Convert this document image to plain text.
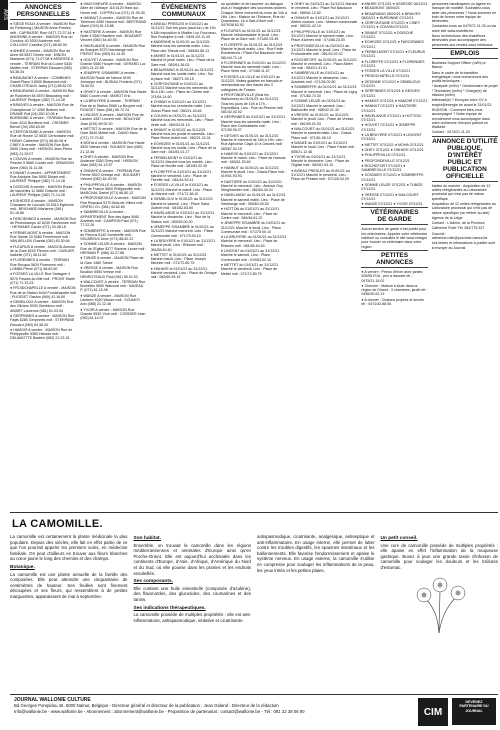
AVIS
ANNONCES
PERSONNELLES
● SIEGE ROUX A vendre : MAISON Rue du Fieliceung | MAISON Anne-Fresles refit - CAPRASSE Rom 0477-72.37.44 ● ANDENNE A vendre - MAISON Rue du Condroz 40 5300 Andenne mdl : COLLIGNY Caroline (071) 68.80.94
● ANHEE A vendre - MAISON Rue de Anne 65 5537 Denée mdl : MINON Marianne (071) 71.07.08 ● ASSESSE A vendre - TERRAIN Rue du Loche 5330 Maillen mdl : STERPAN Edouard (083) 63.38.34
● BEAUMONT A vendre : COMBINES Grand Place 3 6500 Beaumont mdl : CHARLOTEAUX Jacky (071) 58.82.09
● BEAURAING A vendre - MAISON Rue de Rochefort 84 5570 Beauraing mdl : LAURENT Philippe (082) 71.14.28
● BRAIVES A vendre - MAISON Rue de Champlonval 17 4260 Braives mdl : DRAME Roll (04) 250.10.08 ● BURDINNE A vendre - TERRAIN Rue du Gare 4210 Burdinne mdl : CRISMER Benoît (04) 250.63.50
● CERFONTAINE A vendre : MAISON Rue de Rosee 12 5630 Cerfontaine mdl : HOBAY Catherine (071) 66.60.08 ● CINEY A vendre - MAISON Rue Bois 5590 Ciney mdl : HISSIGN Jean-Pierre (083) 21.29.07
● COUVIN A vendre - MAISON Rue de Pesche 5 5660 Couvin mdl : DRANSON Anne (060) 31.11.58
● DINANT A vendre - APPARTEMENT Rue Adolphe Sax 5500 Dinant mdl : LAURENT Philippe (082) 71.14.28
● DOISCHE A vendre - MAISON Route de Vaucelles 11 5680 Doische mdl : LAURENT Philippe (082) 71.14.28
● EGHEZEE A vendre - MAISON Chaussee de Louvain 33 5310 Eghezee mdl : BRICHARD Marianne (081) 51.18.86
● FARCIENNES A vendre - MAISON Rue de Pironchamps 42 6240 Farciennes mdl : HEYMANS Carole (071) 34.08.18
● FERNELMONT A vendre - MAISON Rue Sainte 33 5380 Fernelmont mdl : VAN BELLEN Chantal (081) 83.30.84
● FLEURUS A vendre - MAISON Avenue de la Gare 6220 Fleurus mdl : CARLIER Isabelle (071) 38.11.62
● FLORENNES A vendre - TERRAIN Rue Rocquo 5620 Florennes mdl : LOMBA Pierre (071) 68.82.60
● FOSSES LA VILLE Rue Sartagne 4 5070 Fosses-la-Ville mdl : PRONT Marie (071) 71.13.23
● FROIDCHAPELLE A vendre - MAISON Rue de la Station 6440 Froidchapelle mdl : PLESSET Gaston (060) 41.16.60
● GEMBLOUX A vendre - MAISON Rue des Oliviers 5030 Gembloux mdl : AWART Laurence (081) 61.03.04
● GERPINNES A vendre - MAISON Rue Fayts 6280 Gerpinnes mdl : STERPANE Edouard (083) 63.38.34
● HAMOIS A vendre - MAISON Rue de Philippeville 5360 Hamois mdl : DELAMOTTE Bastien (082) 21.23.15
● HAM S/HEURE A vendre - MAISON Allee de l'Abbaye 116 6120 Ham-sur-Heure mdl : COPPIN Luc (071) 21.09.30
● HANNUT A vendre - MAISON Rue de Tirlemont 4280 Hannut mdl : BERTRAND Marie (019) 51.15.88
● HASTIERE A vendre - MAISON Rue Nulle 4 5540 Hastiere mdl : BOUDART Vincent (082) 64.40.93
● HAVELANGE A vendre - MAISON Rue du Bosquet 5370 Havelange mdl : PIEROT Eric (083) 61.14.40
● HOUYET A vendre - MAISON Rue Grande 5560 Houyet mdl : GERARD Luc (082) 21.22.58
● JEMEPPE S/SAMBRE A vendre - MAISON Route de Namur 5190 Jemeppe mdl : BUSIAU Frederic (071) 78.50.02
● ORVEY A vendre - MAISON Rue Haute 5660 Couvin mdl : MAROT Eric
● LA BRUYERE A vendre - TERRAIN Rue de la Station 5080 La Bruyere mdl : ROUGET Marc (081) 56.72.24
● LINCENT A vendre - MAISON Rue de Landen 4287 Lincent mdl : BOUCHAT Jean (019) 69.92.30
● METTET A vendre - MAISON Rue de la Gare 5640 Mettet mdl : DAVID Marc (071) 72.70.82
● MOHA A vendre - MAISON Rue Haute 4520 Wanze mdl : SOUMOY Ann (085) 21.12.46
● OHEY A vendre - MAISON Rue Andenne 5350 Ohey mdl : HISSIGN Jean (083) 61.13.57
● ONHAYE A vendre - TERRAIN Rue Ferme 5520 Onhaye mdl : BOUDART Vincent (082) 64.40.93
● PHILIPPEVILLE A vendre - MAISON Rue de France 5600 Philippeville mdl : MARCHAL Daniel (071) 66.80.12
● PROFONDEVILLE A vendre - MAISON Rue Reynaud 5170 Bois-de-Villers mdl : GRIFEU Ch. (081) 44.62.80
● SAMBREVILLE A vendre - APPARTEMENT Rue des Ages 5060 Auvelais mdl : CAMPION Paul (071) 77.22.26
● SOMBREFFE A vendre - MAISON Rue de Fleurus 5140 Sombreffe mdl : SOLBREUX Anne (071) 88.82.22
● SOMME LEUZE A vendre - MAISON Rue de l'Eglise 5377 Somme-Leuze mdl : HERMAN P. (086) 32.27.88
● TUBIZE A vendre - MAISON Place de la Gare 1480 Tubize
● VRESSE A vendre - MAISON Rue Bouillon 5550 Vresse mdl : HENROTEAUX Paul (061) 50.01.03
● WALCOURT A vendre - TERRAIN Rue Bruxelles 5650 Walcourt mdl : NAVEAU P. (071) 61.15.48
● WANZE A vendre - MAISON Rue Lambert 4520 Wanze mdl : SOUMOY Ann (085) 21.12.46
● YVOIR A vendre - MAISON Rue Grande 5530 Yvoir mdl : CORDIER Jean (082) 61.14.07
ÉVÉNEMENTS
COMMUNAUX
● AISEAU PRESLES le 01/01/21 au 31/12/21 Tout les jours (sauf lun.) de 10h à 18h exposition à l'Atelier Luc Fourneau, Rue Rodolphe 6 mdl : 0495 /02.11.45
● ANDENNE le 01/01/21 au 31/12/21 Marché tous les samedis matin. Lieu : Place des Tilleuls mdl : 085/84.96.13
● ANHEE le 01/01/21 au 31/12/21 Marché le jeudi matin. Lieu : Place de la Gare mdl : 082/61.36.02
● BEAURAING le 01/01/21 au 31/12/21 Marché tous les lundis matin. Lieu : Sur la place mdl : 082/71.00.15
● CERFONTAINE le 01/01/21 au 31/12/21 Marché tous les mercredis de 8h à 13h. Lieu : Place du Centre mdl : 071/64.14.60
● CHIMAY le 01/01/21 au 31/12/21 Marché tous les vendredis matin. Lieu : Grand-Place mdl : 060/21.18.46
● COUVIN le 01/01/21 au 31/12/21 Marché tous les mercredis. Lieu : Place Verte mdl : 060/34.01.10
● DINANT le 01/01/21 au 31/12/21 Marché tous les jeudis et samedis. Lieu : Place Reine Astrid mdl : 082/21.32.01
● EGHEZEE le 01/01/21 au 31/12/21 Marché tous les lundis. Lieu : Place de la Gare mdl : 081/81.01.27
● FERNELMONT le 01/01/21 au 31/12/21 Marché tous les mardis. Lieu : Place de Noville mdl : 081/83.02.30
● FLOREFFE le 01/01/21 au 31/12/21 Marché le vendredi. Lieu : Place de Floreffe mdl : 081/44.53.41
● FOSSES LA VILLE le 01/01/21 au 31/12/21 Marché le mardi. Lieu : Place du Marché mdl : 071/71.38.10
● GEMBLOUX le 01/01/21 au 31/12/21 Marché le samedi. Lieu : Place Saint-Guibert mdl : 081/62.63.60
● HAVELANGE le 01/01/21 au 31/12/21 Marché le dimanche. Lieu : Rue de la Station mdl : 083/63.00.20
● JEMEPPE S/SAMBRE le 01/01/21 au 31/12/21 Marché mercredi. Lieu : Place Communale mdl : 071/75.00.10
● LA BRUYERE le 01/01/21 au 31/12/21 Marché jeudi. Lieu : Rhisnes mdl : 081/55.40.40
● METTET le 01/01/21 au 31/12/21 Marché mardi. Lieu : Place Joseph Meunier mdl : 071/72.80.75
● ONHAYE le 01/01/21 au 31/12/21 Marché vendredi. Lieu : Place de Onhaye mdl : 082/69.93.15
du quotidien et de raconter un dialogue plus à l'imaginaire des souvenirs anciens. Chaque 3ème mercredi du mois de 14h à 16h. Lieu : Maison de l'Enfance, Rue du Quambeau, 16 à Sart-d'Avril mdl : 0479/38.62.92
● FLEURUS du 01/01/21 au 31/12/21 Marché hebdomadaire le jeudi. Lieu : Place de la Gare mdl : 071/82.03.45
● FLOREFFE du 01/01/21 au 31/12/21 Marché le jeudi matin. Lieu : Rue Emile Romedenne / Place Roi Baudouin mdl : 081/44.71.16
● FLORENNES du 01/01/21 au 31/12/21 Marché tous les samedis matin. Lieu : Place Verte mdl : 071/68.11.57
● FOSSES-LA-VILLE du 01/01/21 au 31/12/21 Visites guidées en français et néerlandais sur des traces des 3 collégiales de Fosses.
● PROFONDEVILLE (Bois les Wallonnes) du 01/01/21 au 31/12/21 Tous les jours de 10h à 17h - Expositions. Lieu : Rue du Pesche mdl : 081/42.02.02
● GERPINNES du 01/01/21 au 31/12/21 Marché tous les samedis matin. Lieu : Place des Combattants mdl : 071/50.90.27
● GESVES du 01/01/21 au 31/12/21 Marché le mercredi de 15h à 19h. Lieu : Rue Alphonse Clajot 10 à Gesves mdl : 083/67.02.15
● HAMOIS du 01/01/21 au 31/12/21 Marché le mardi. Lieu : Place de Hamois mdl : 083/61.33.60
● HANNUT du 01/01/21 au 31/12/21 Marché le jeudi. Lieu : Grand-Place mdl : 019/51.93.93
● HASTIERE du 01/01/21 au 31/12/21 Marché le mercredi. Lieu : Avenue Guy Stinglhamber mdl : 082/64.44.34
● HAVELANGE du 01/01/21 au 31/12/21 Marché le samedi matin. Lieu : Place de Havelange mdl : 083/63.00.20
● HOTTON du 01/01/21 au 31/12/21 Marché le mercredi. Lieu : Place du Centre mdl : 084/46.61.22
● JEMEPPE S/SAMBRE du 01/01/21 au 31/12/21 Marché le lundi. Lieu : Place Communale mdl : 071/75.00.10
● LA BRUYERE du 01/01/21 au 31/12/21 Marché le mercredi. Lieu : Place de Rhisnes mdl : 081/55.40.40
● LINCENT du 01/01/21 au 31/12/21 Marché le samedi. Lieu : Place Communale mdl : 019/63.02.10
● METTET du 01/01/21 au 31/12/21 Marché le vendredi. Lieu : Place de Mettet mdl : 071/72.80.75
● OHEY du 01/01/21 au 31/12/21 Marché le vendredi. Lieu : Place Roi Baudouin mdl : 085/61.12.82
● ONHAYE du 01/01/21 au 31/12/21 Atelier couture. Lieu : Maison communale mdl : 082/21.42.10
● PHILIPPEVILLE du 01/01/21 au 31/12/21 Marché le samedi matin. Lieu : Place d'Armes mdl : 071/66.23.00
● PROFONDEVILLE du 01/01/21 au 31/12/21 Marché le jeudi. Lieu : Place de Profondeville mdl : 081/42.02.02
● ROCHEFORT du 01/01/21 au 31/12/21 Marché le vendredi. Lieu : Place Albert 1er mdl : 084/21.41.01
● SAMBREVILLE du 01/01/21 au 31/12/21 Marché le dimanche. Lieu : Auvelais mdl : 071/26.02.80
● SOMBREFFE du 01/01/21 au 31/12/21 Marché le mercredi. Lieu : Place de Ligny mdl : 071/82.74.30
● SOMME LEUZE du 01/01/21 au 31/12/21 Marché le samedi. Lieu : Baillonville mdl : 086/32.21.42
● VRESSE du 01/01/21 au 31/12/21 Marché le jeudi. Lieu : Place de Vresse mdl : 061/50.01.03
● WALCOURT du 01/01/21 au 31/12/21 Marché le samedi matin. Lieu : Grand-Place mdl : 071/61.06.10
● WANZE du 01/01/21 au 31/12/21 Marché le lundi. Lieu : Place Faniel mdl : 085/21.12.46
● YVOIR du 01/01/21 au 31/12/21 Marché le dimanche. Lieu : Place de l'Eglise mdl : 082/61.03.10
● AISEAU PRESLES du 01/01/21 au 31/12/21 Marché le vendredi. Lieu : Place de Presles mdl : 071/26.04.29
● ANHEE 07/12/21 ● ASSESSE 06/12/21 ● BEAUMONT 06/04/21
● BEAURAING 06/02/21 ● BRAIVES 08/02/21 ● BURDINNE 07/12/21
● CERFONTAINE 07/12/21 ● CINEY 07/12/21 ● COUVIN 07/12/21
● DINANT 07/12/21 ● DOISCHE 07/12/21
● EGHEZEE 07/12/21 ● FARCIENNES 07/12/21
● FERNELMONT 07/12/21 ● FLEURUS 07/12/21
● FLOREFFE 07/12/21 ● FLORENNES 07/12/21
● FOSSES LA VILLE 07/12/21
● FROIDCHAPELLE 07/12/21
● GEDINNE 07/12/21 ● GEMBLOUX 07/12/21
● GERPINNES 07/12/21 ● GESVES 07/12/21
● HAMOIS 07/12/21 ● HAMOIR 07/12/21
● HANNUT 07/12/21 ● HASTIERE 07/12/21
● HAVELANGE 07/12/21 ● HOTTON 07/12/21
● HOUYET 07/12/21 ● JEMEPPE 07/12/21
● LA BRUYERE 07/12/21 ● LINCENT 07/12/21
● METTET 07/12/21 ● MOHA 07/12/21
● OHEY 07/12/21 ● ONHAYE 07/12/21
● PHILIPPEVILLE 07/12/21
● PROFONDEVILLE 07/12/21
● ROCHEFORT 07/12/21 ● SAMBREVILLE 07/12/21
● SOIGNIES 07/12/21 ● SOMBREFFE 07/12/21
● SOMME LEUZE 07/12/21 ● TUBIZE 07/12/21
● VRESSE 07/12/21 ● WALCOURT 07/12/21
● WANZE 07/12/21 ● YVOIR 07/12/21
VÉTÉRINAIRES
DE GARDE
Aucun service de garde n'est publié pour les vétérinaires. Appelez votre vétérinaire habituel ou consultez le site www.vetagro pour trouver un vétérinaire dans votre région.
PETITES
ANNONCES
● A vendre : Pneus d'hiver avec jantes 205/55 R16 - prix à discuter tél : 0475/21.15.02
● Cherche : Maison à louer dans la région de Dinant - 3 chambres, jardin tél : 0496/30.62.19
● A donner : Chatons propres et sevrés tél : 0471/42.88.06
personnes handicapées ou âgées en manque de mobilité. Souhaitez-vous aider des personnes ? Nous sommes en train de former notre équipe de bénévoles.
Contactez-nous au 0479/71 11 03 ou via notre site www.mobilite.be
Nous recherchons des chauffeurs bénévoles pour accompagner des personnes aux rendez-vous médicaux.
EMPLOIS
Business Support Officer (m/f/x) à Namur.
Dans le cadre de la transition énergétique, nous recherchons des profils techniques :
* Analyste (m/f/x) * Gestionnaire de projet * Technicien (m/f/x) * Chargé(e) de mission (m/f/x)
Intéressé(e) ? Envoyez votre CV à emploi@energie.be avant le 31/01/21.
HUDSON : Comment êtes-vous accompagné ? Notre équipe de recrutement vous accompagne dans votre recherche d'emploi partout en Wallonie.
Contact : 0474/21.11.20
ANNONCE D'UTILITÉ
PUBLIQUE, D'INTÉRÊT
PUBLIC ET PUBLICATION
OFFICIELLE
Institut du marché : Acquisition de 12 unités réfrigérantes au Laboratoire provincial qui n'est pas de nature spécifique
Acquisition de 12 unités réfrigérantes au Laboratoire provincial qui n'est pas de nature spécifique (se référer au site)
Agence de la Liège
Contact : L'Admin. de la Province
Catherine Rolle Tél: 081/775.327
Courriel : catherine.rolle@province.namur.be
Les textes et informations à publier sont à envoyer au Journal
LA CAMOMILLE.

La camomille est certainement la plante médicinale la plus populaire. Depuis des siècles, elle fait en effet partie de ce que l'on pourrait appeler les premiers soins, en médecine familiale. On peut d'ailleurs en trouver aux fleurs blanches au cœur jaune le long des chemins et des champs.

Botanique.

La camomille est une plante annuelle de la famille des composées. Elle peut atteindre une cinquantaine de centimètres de hauteur. Ses feuilles sont finement découpées et ses fleurs, qui ressemblent à de petites marguerites, apparaissent de mai à septembre.

Son habitat.

Ensemble, on trouvait la camomille dans les régions méditerranéennes et orientales d'Europe ainsi qu'en Proche-Orient. Elle est aujourd'hui acclimatée dans les continents d'Europe, d'Asie, d'Afrique, d'Amérique du Nord et du Sud, où elle pousse dans les prairies et les endroits ensoleillés.

Ses composants.

Elle contient une huile essentielle (composée d'azulène), des flavonoïdes, des glucosides, des coumarines et des tanins.

Ses indications thérapeutiques.

La camomille possède de multiples propriétés : elle est anti-inflammatoire, antispasmodique, sédative et cicatrisante.

antispasmodique, cicatrisante, analgésique, antiseptique et anti-inflammatoire. En usage interne, elle permet de lutter contre les troubles digestifs, les spasmes intestinaux et les ballonnements. Elle favorise l'endormissement et apaise le système nerveux. En usage externe, la camomille s'utilise en compresse pour soulager les inflammations de la peau, les yeux irrités et les petites plaies.

Un petit conseil.

Une cure de camomille possède de multiples propriétés : elle apaise en effet l'inflammation de la muqueuse gastrique. Buvez à jeun une grande tasse d'infusion de camomille pour soulager les douleurs et les brûlures d'estomac.

JOURNAL WALLONIE CULTURE
Bd Georges Pompidou 45, 5000 Namur, Belgique - Directeur général et directeur de la publication : Jean Galand - Directeur de la rédaction
Info@wallonie.be - www.wallonie.be - Abonnement : abonnement@wallonie.be - Proposition de partenariat : contact@wallonie.be - Tél : 081 22 38 06 90	CIM
DEVENEZ PARTENAIRE DU JOURNAL
